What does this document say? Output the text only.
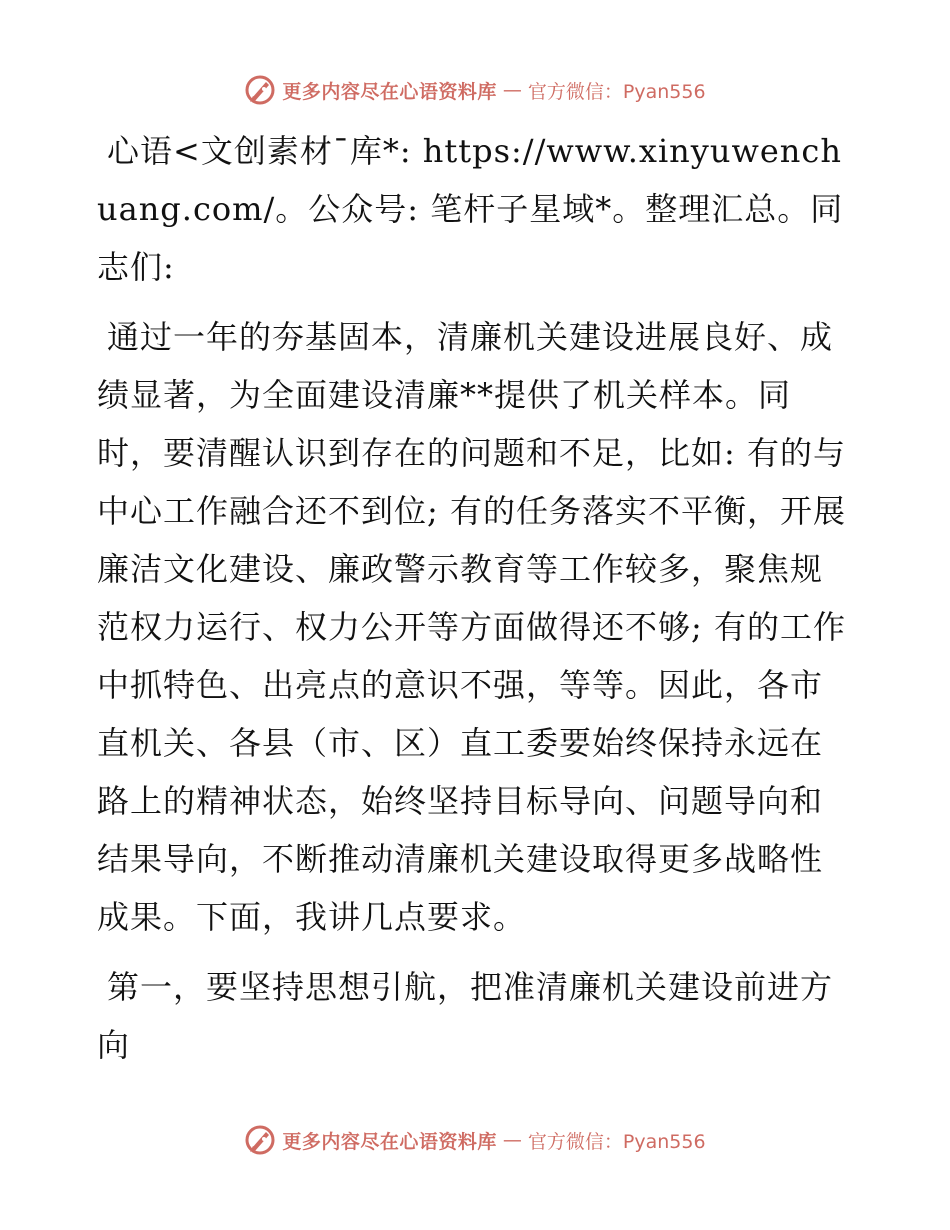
更多内容尽在心语资料库 — 官方微信：Pyan556

心语<文创素材¯库*: https://www.xinyuwenchuang.com/。公众号: 笔杆子星域*。整理汇总。同志们:

通过一年的夯基固本，清廉机关建设进展良好、成绩显著，为全面建设清廉**提供了机关样本。同时，要清醒认识到存在的问题和不足，比如: 有的与中心工作融合还不到位; 有的任务落实不平衡，开展廉洁文化建设、廉政警示教育等工作较多，聚焦规范权力运行、权力公开等方面做得还不够; 有的工作中抓特色、出亮点的意识不强，等等。因此，各市直机关、各县（市、区）直工委要始终保持永远在路上的精神状态，始终坚持目标导向、问题导向和结果导向，不断推动清廉机关建设取得更多战略性成果。下面，我讲几点要求。

第一，要坚持思想引航，把准清廉机关建设前进方向

更多内容尽在心语资料库 — 官方微信：Pyan556
